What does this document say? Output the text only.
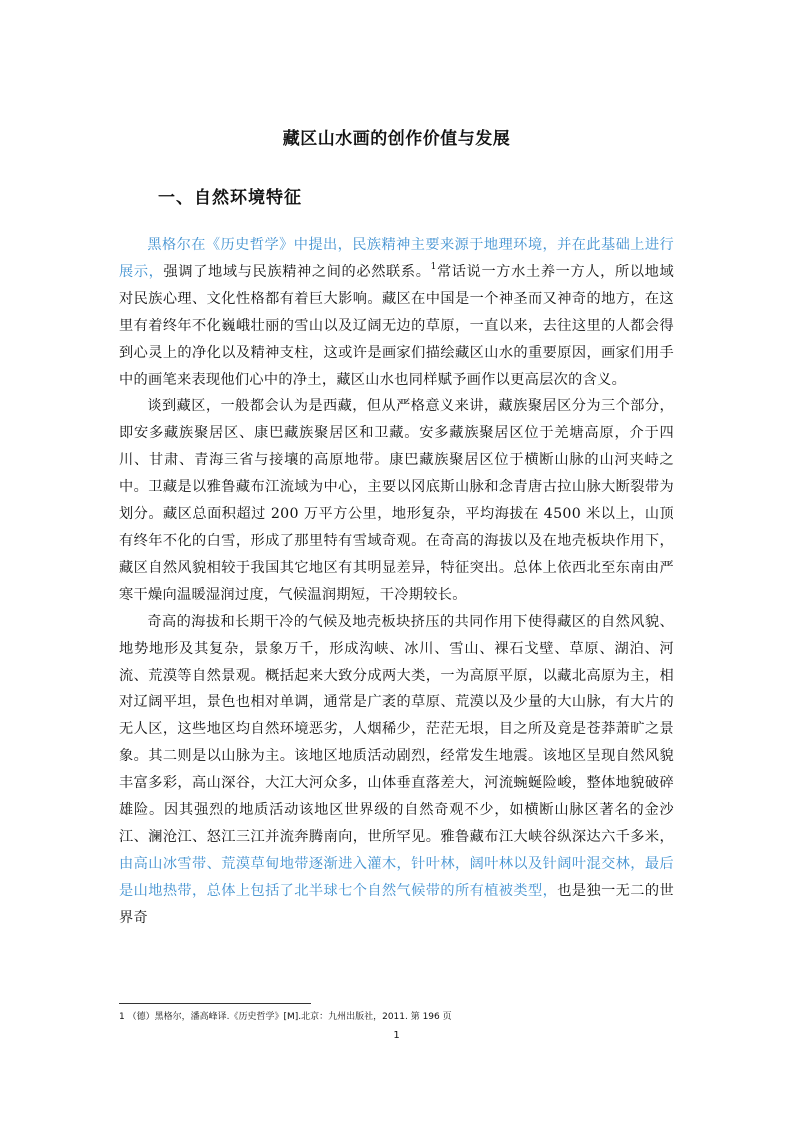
藏区山水画的创作价值与发展
一、自然环境特征

黑格尔在《历史哲学》中提出，民族精神主要来源于地理环境，并在此基础上进行展示，强调了地域与民族精神之间的必然联系。$^1$常话说一方水土养一方人，所以地域对民族心理、文化性格都有着巨大影响。藏区在中国是一个神圣而又神奇的地方，在这里有着终年不化巍峨壮丽的雪山以及辽阔无边的草原，一直以来，去往这里的人都会得到心灵上的净化以及精神支柱，这或许是画家们描绘藏区山水的重要原因，画家们用手中的画笔来表现他们心中的净土，藏区山水也同样赋予画作以更高层次的含义。

谈到藏区，一般都会认为是西藏，但从严格意义来讲，藏族聚居区分为三个部分，即安多藏族聚居区、康巴藏族聚居区和卫藏。安多藏族聚居区位于羌塘高原，介于四川、甘肃、青海三省与接壤的高原地带。康巴藏族聚居区位于横断山脉的山河夹峙之中。卫藏是以雅鲁藏布江流域为中心，主要以冈底斯山脉和念青唐古拉山脉大断裂带为划分。藏区总面积超过 200 万平方公里，地形复杂，平均海拔在 4500 米以上，山顶有终年不化的白雪，形成了那里特有雪域奇观。在奇高的海拔以及在地壳板块作用下，藏区自然风貌相较于我国其它地区有其明显差异，特征突出。总体上依西北至东南由严寒干燥向温暖湿润过度，气候温润期短，干冷期较长。

奇高的海拔和长期干冷的气候及地壳板块挤压的共同作用下使得藏区的自然风貌、地势地形及其复杂，景象万千，形成沟峡、冰川、雪山、裸石戈壁、草原、湖泊、河流、荒漠等自然景观。概括起来大致分成两大类，一为高原平原，以藏北高原为主，相对辽阔平坦，景色也相对单调，通常是广袤的草原、荒漠以及少量的大山脉，有大片的无人区，这些地区均自然环境恶劣，人烟稀少，茫茫无垠，目之所及竟是苍莽萧旷之景象。其二则是以山脉为主。该地区地质活动剧烈，经常发生地震。该地区呈现自然风貌丰富多彩，高山深谷，大江大河众多，山体垂直落差大，河流蜿蜒险峻，整体地貌破碎雄险。因其强烈的地质活动该地区世界级的自然奇观不少，如横断山脉区著名的金沙江、澜沧江、怒江三江并流奔腾南向，世所罕见。雅鲁藏布江大峡谷纵深达六千多米，由高山冰雪带、荒漠草甸地带逐渐进入灌木，针叶林，阔叶林以及针阔叶混交林，最后是山地热带，总体上包括了北半球七个自然气候带的所有植被类型，也是独一无二的世界奇

1 （德）黑格尔，潘高峰译.《历史哲学》[M].北京：九州出版社，2011. 第 196 页
1
